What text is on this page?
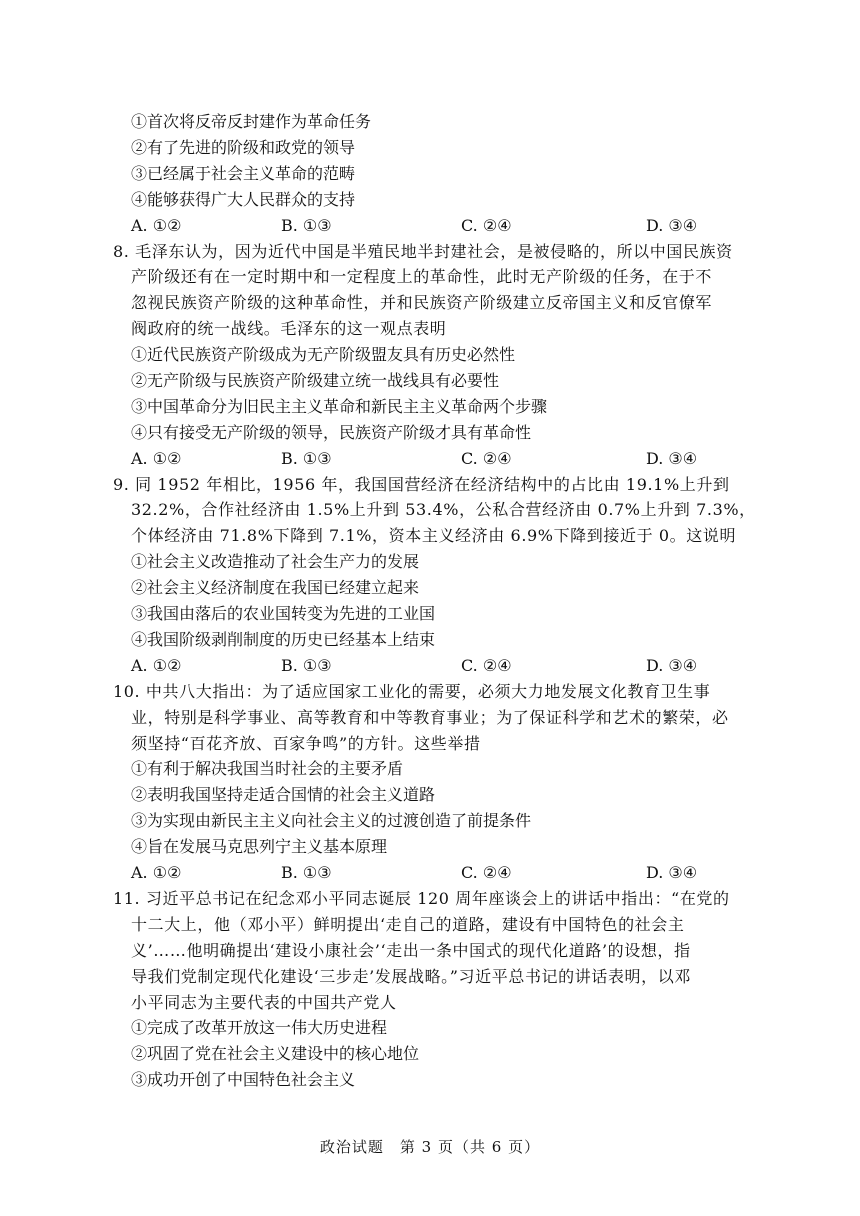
①首次将反帝反封建作为革命任务
②有了先进的阶级和政党的领导
③已经属于社会主义革命的范畴
④能够获得广大人民群众的支持
A. ①②	B. ①③	C. ②④	D. ③④
8. 毛泽东认为，因为近代中国是半殖民地半封建社会，是被侵略的，所以中国民族资
产阶级还有在一定时期中和一定程度上的革命性，此时无产阶级的任务，在于不
忽视民族资产阶级的这种革命性，并和民族资产阶级建立反帝国主义和反官僚军
阀政府的统一战线。毛泽东的这一观点表明
①近代民族资产阶级成为无产阶级盟友具有历史必然性
②无产阶级与民族资产阶级建立统一战线具有必要性
③中国革命分为旧民主主义革命和新民主主义革命两个步骤
④只有接受无产阶级的领导，民族资产阶级才具有革命性
A. ①②	B. ①③	C. ②④	D. ③④
9. 同 1952 年相比，1956 年，我国国营经济在经济结构中的占比由 19.1%上升到
32.2%，合作社经济由 1.5%上升到 53.4%，公私合营经济由 0.7%上升到 7.3%，
个体经济由 71.8%下降到 7.1%，资本主义经济由 6.9%下降到接近于 0。这说明
①社会主义改造推动了社会生产力的发展
②社会主义经济制度在我国已经建立起来
③我国由落后的农业国转变为先进的工业国
④我国阶级剥削制度的历史已经基本上结束
A. ①②	B. ①③	C. ②④	D. ③④
10. 中共八大指出：为了适应国家工业化的需要，必须大力地发展文化教育卫生事
业，特别是科学事业、高等教育和中等教育事业；为了保证科学和艺术的繁荣，必
须坚持“百花齐放、百家争鸣”的方针。这些举措
①有利于解决我国当时社会的主要矛盾
②表明我国坚持走适合国情的社会主义道路
③为实现由新民主主义向社会主义的过渡创造了前提条件
④旨在发展马克思列宁主义基本原理
A. ①②	B. ①③	C. ②④	D. ③④
11. 习近平总书记在纪念邓小平同志诞辰 120 周年座谈会上的讲话中指出：“在党的
十二大上，他（邓小平）鲜明提出‘走自己的道路，建设有中国特色的社会主
义’……他明确提出‘建设小康社会’‘走出一条中国式的现代化道路’的设想，指
导我们党制定现代化建设‘三步走’发展战略。”习近平总书记的讲话表明，以邓
小平同志为主要代表的中国共产党人
①完成了改革开放这一伟大历史进程
②巩固了党在社会主义建设中的核心地位
③成功开创了中国特色社会主义
政治试题　第 3 页（共 6 页）
